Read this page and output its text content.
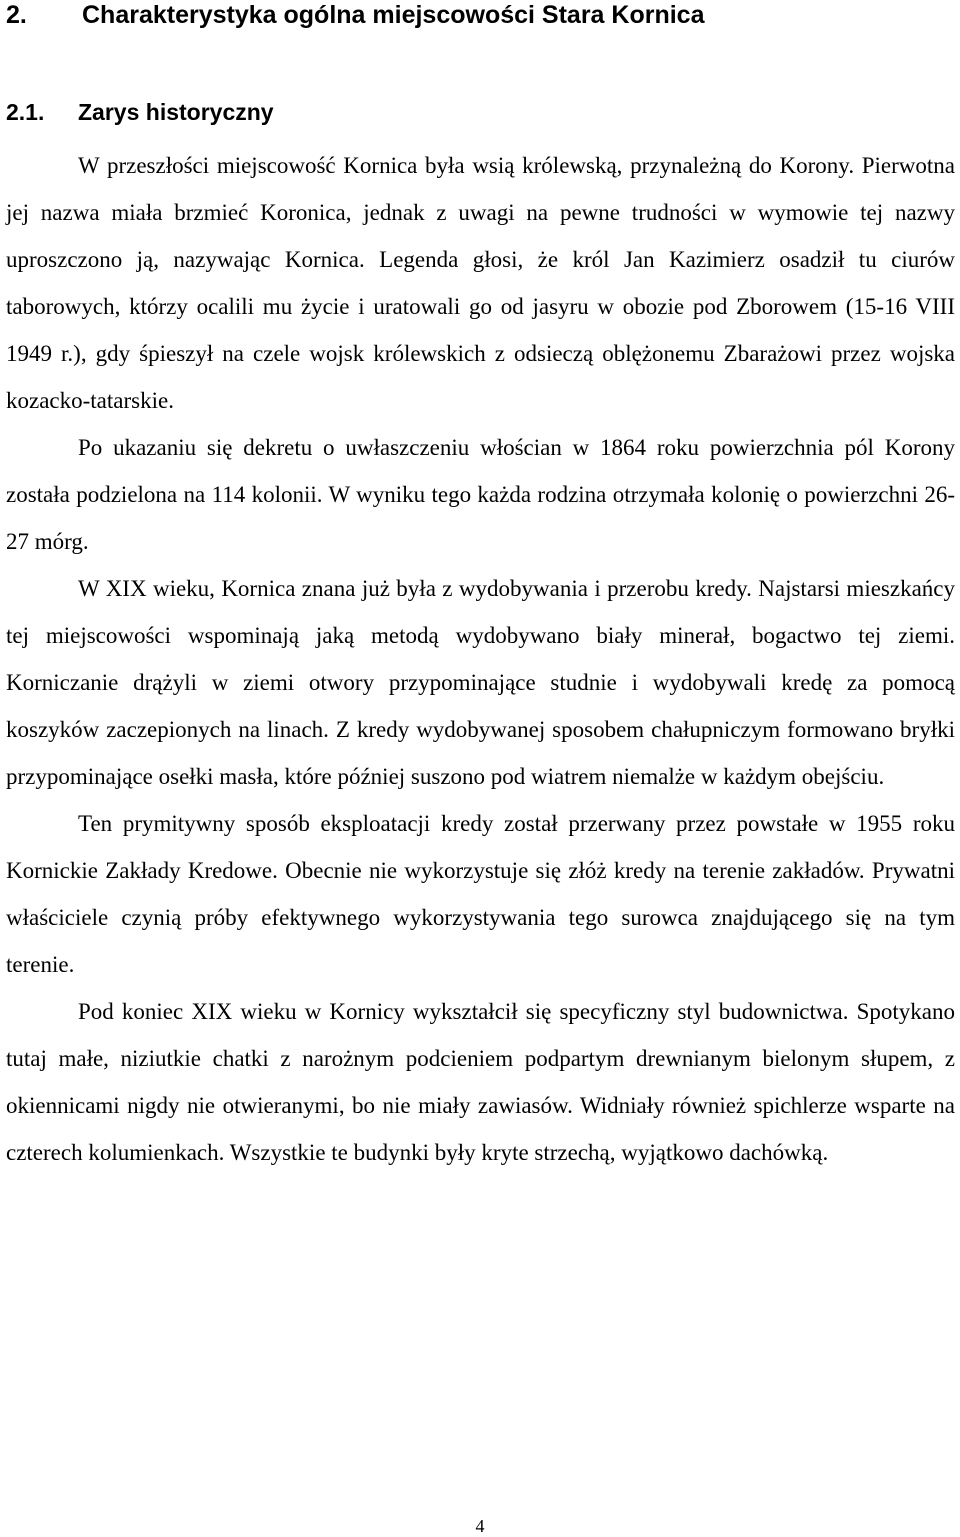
2. Charakterystyka ogólna miejscowości Stara Kornica
2.1. Zarys historyczny

W przeszłości miejscowość Kornica była wsią królewską, przynależną do Korony. Pierwotna jej nazwa miała brzmieć Koronica, jednak z uwagi na pewne trudności w wymowie tej nazwy uproszczono ją, nazywając Kornica. Legenda głosi, że król Jan Kazimierz osadził tu ciurów taborowych, którzy ocalili mu życie i uratowali go od jasyru w obozie pod Zborowem (15-16 VIII 1949 r.), gdy śpieszył na czele wojsk królewskich z odsieczą oblężonemu Zbarażowi przez wojska kozacko-tatarskie.

Po ukazaniu się dekretu o uwłaszczeniu włościan w 1864 roku powierzchnia pól Korony została podzielona na 114 kolonii. W wyniku tego każda rodzina otrzymała kolonię o powierzchni 26-27 mórg.

W XIX wieku, Kornica znana już była z wydobywania i przerobu kredy. Najstarsi mieszkańcy tej miejscowości wspominają jaką metodą wydobywano biały minerał, bogactwo tej ziemi. Korniczanie drążyli w ziemi otwory przypominające studnie i wydobywali kredę za pomocą koszyków zaczepionych na linach. Z kredy wydobywanej sposobem chałupniczym formowano bryłki przypominające osełki masła, które później suszono pod wiatrem niemalże w każdym obejściu.

Ten prymitywny sposób eksploatacji kredy został przerwany przez powstałe w 1955 roku Kornickie Zakłady Kredowe. Obecnie nie wykorzystuje się złóż kredy na terenie zakładów. Prywatni właściciele czynią próby efektywnego wykorzystywania tego surowca znajdującego się na tym terenie.

Pod koniec XIX wieku w Kornicy wykształcił się specyficzny styl budownictwa. Spotykano tutaj małe, niziutkie chatki z narożnym podcieniem podpartym drewnianym bielonym słupem, z okiennicami nigdy nie otwieranymi, bo nie miały zawiasów. Widniały również spichlerze wsparte na czterech kolumienkach. Wszystkie te budynki były kryte strzechą, wyjątkowo dachówką.

4
